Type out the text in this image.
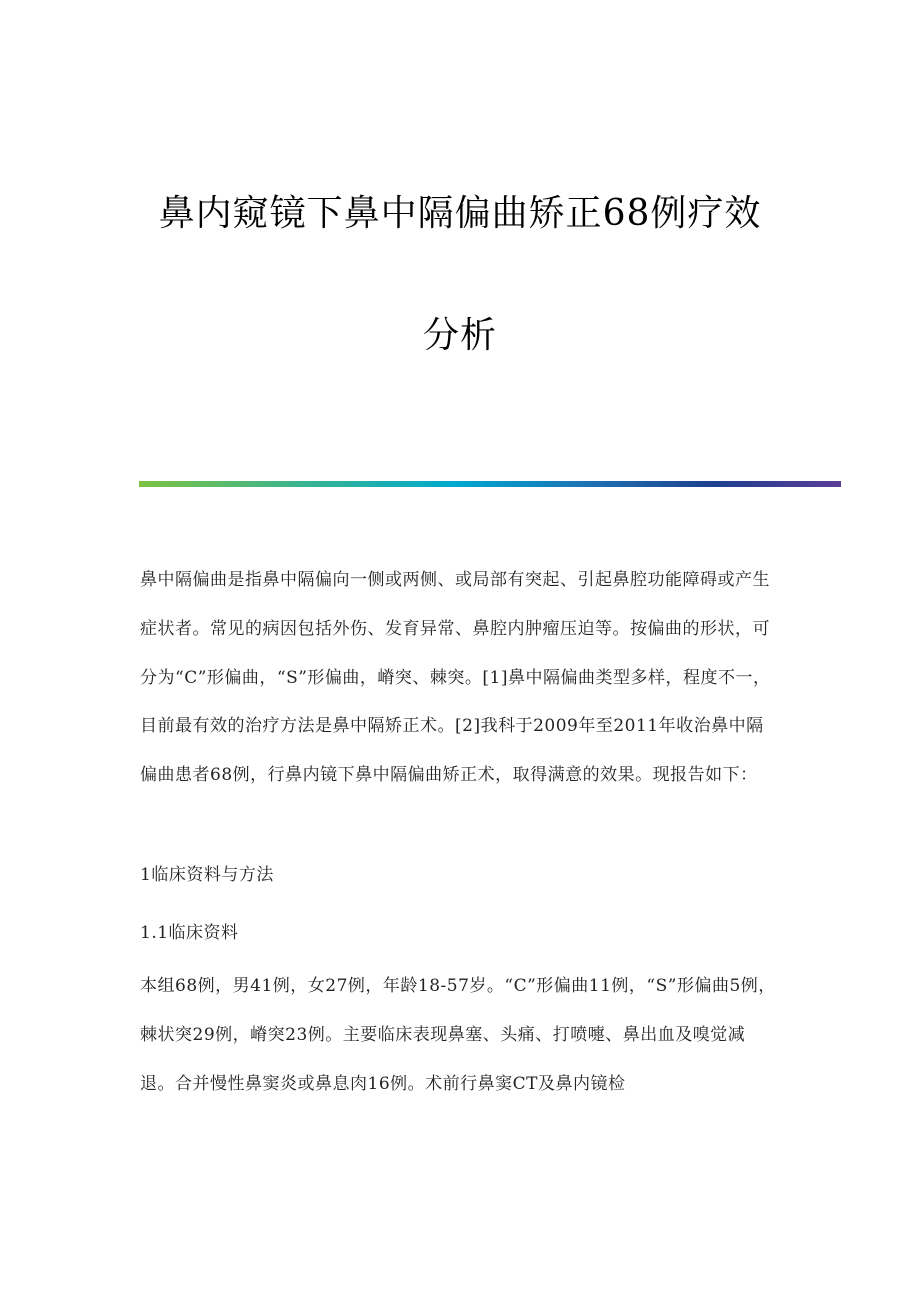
鼻内窥镜下鼻中隔偏曲矫正68例疗效
分析

鼻中隔偏曲是指鼻中隔偏向一侧或两侧、或局部有突起、引起鼻腔功能障碍或产生症状者。常见的病因包括外伤、发育异常、鼻腔内肿瘤压迫等。按偏曲的形状，可分为“C”形偏曲，“S”形偏曲，嵴突、棘突。[1]鼻中隔偏曲类型多样，程度不一，目前最有效的治疗方法是鼻中隔矫正术。[2]我科于2009年至2011年收治鼻中隔偏曲患者68例，行鼻内镜下鼻中隔偏曲矫正术，取得满意的效果。现报告如下：

1临床资料与方法

1.1临床资料

本组68例，男41例，女27例，年龄18-57岁。“C”形偏曲11例，“S”形偏曲5例，棘状突29例，嵴突23例。主要临床表现鼻塞、头痛、打喷嚏、鼻出血及嗅觉减退。合并慢性鼻窦炎或鼻息肉16例。术前行鼻窦CT及鼻内镜检
